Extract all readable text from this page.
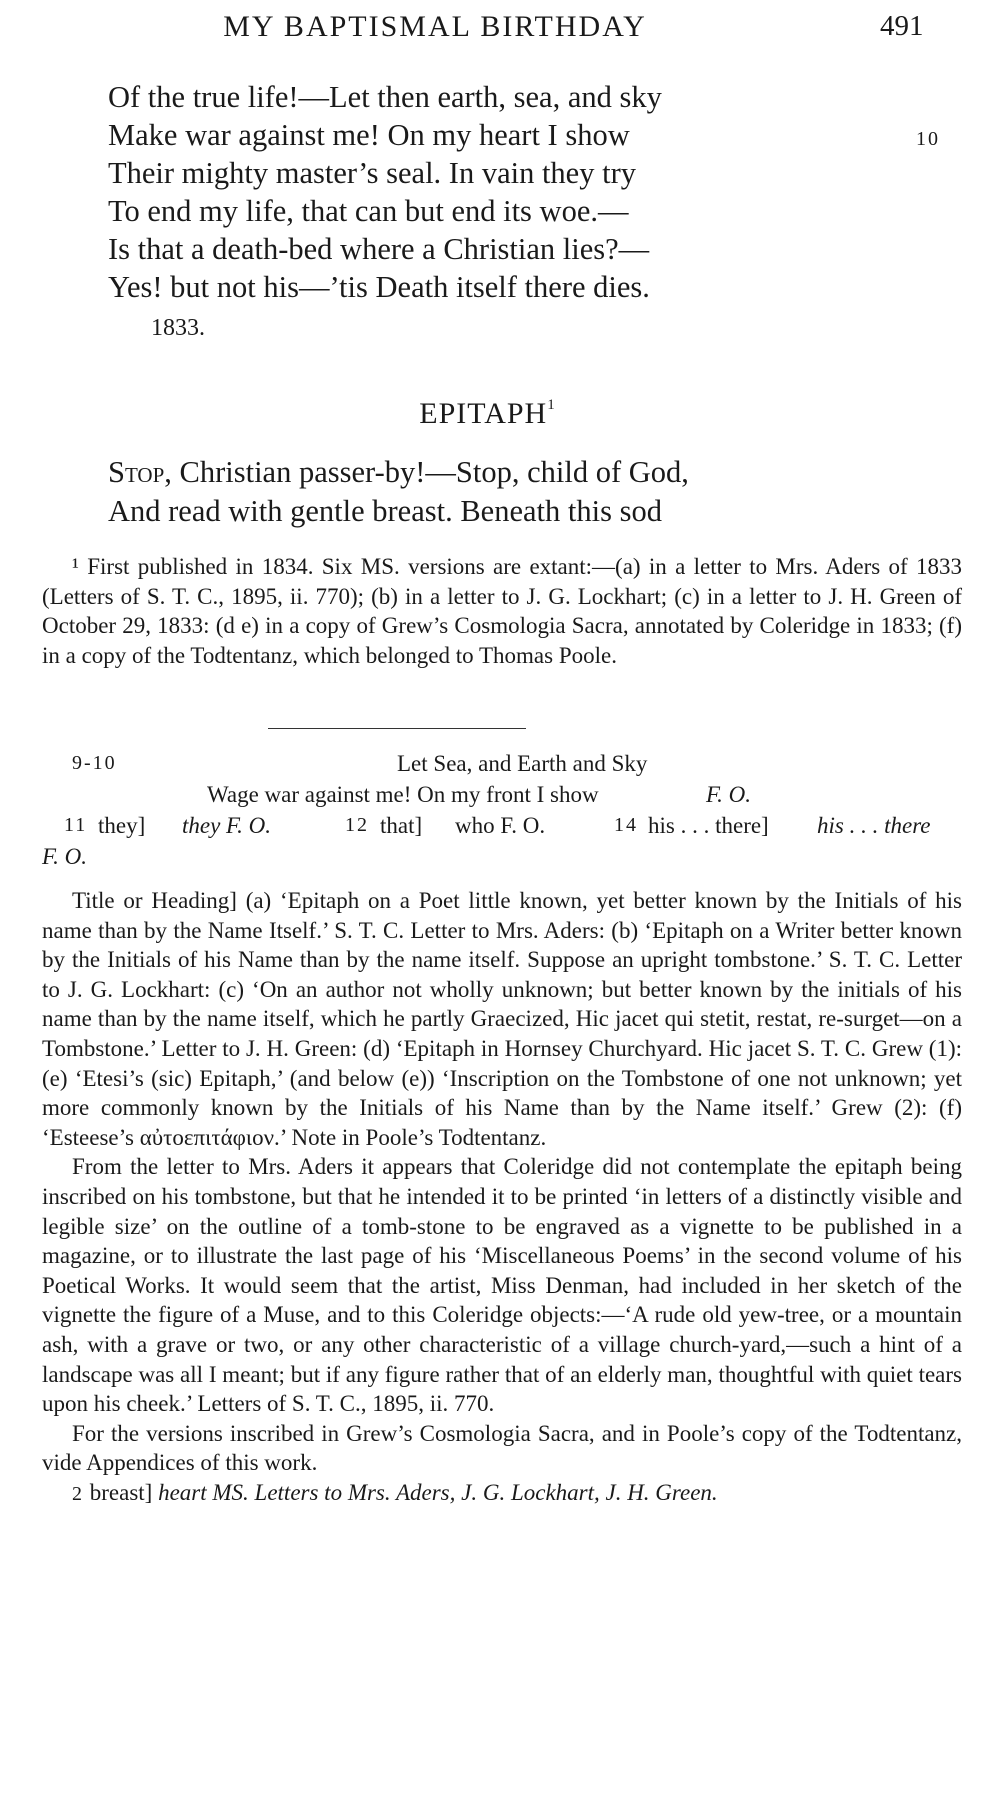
MY BAPTISMAL BIRTHDAY	491
Of the true life!—Let then earth, sea, and sky
Make war against me! On my heart I show	10
Their mighty master’s seal. In vain they try
To end my life, that can but end its woe.—
Is that a death-bed where a Christian lies?—
Yes! but not his—’tis Death itself there dies.
1833.
EPITAPH$^1$
Stop, Christian passer-by!—Stop, child of God,
And read with gentle breast. Beneath this sod

¹ First published in 1834. Six MS. versions are extant:—(a) in a letter to Mrs. Aders of 1833 (Letters of S. T. C., 1895, ii. 770); (b) in a letter to J. G. Lockhart; (c) in a letter to J. H. Green of October 29, 1833: (d e) in a copy of Grew’s Cosmologia Sacra, annotated by Coleridge in 1833; (f) in a copy of the Todtentanz, which belonged to Thomas Poole.

9-10	Let Sea, and Earth and Sky
Wage war against me! On my front I show	F. O.
11 they] they F. O.	12 that] who F. O.	14 his . . . there] his . . . there
F. O.

Title or Heading] (a) ‘Epitaph on a Poet little known, yet better known by the Initials of his name than by the Name Itself.’ S. T. C. Letter to Mrs. Aders: (b) ‘Epitaph on a Writer better known by the Initials of his Name than by the name itself. Suppose an upright tombstone.’ S. T. C. Letter to J. G. Lockhart: (c) ‘On an author not wholly unknown; but better known by the initials of his name than by the name itself, which he partly Graecized, Hic jacet qui stetit, restat, re-surget—on a Tombstone.’ Letter to J. H. Green: (d) ‘Epitaph in Hornsey Churchyard. Hic jacet S. T. C. Grew (1): (e) ‘Etesi’s (sic) Epitaph,’ (and below (e)) ‘Inscription on the Tombstone of one not unknown; yet more commonly known by the Initials of his Name than by the Name itself.’ Grew (2): (f) ‘Esteese’s αὐτοεπιτάφιον.’ Note in Poole’s Todtentanz.

From the letter to Mrs. Aders it appears that Coleridge did not contemplate the epitaph being inscribed on his tombstone, but that he intended it to be printed ‘in letters of a distinctly visible and legible size’ on the outline of a tomb-stone to be engraved as a vignette to be published in a magazine, or to illustrate the last page of his ‘Miscellaneous Poems’ in the second volume of his Poetical Works. It would seem that the artist, Miss Denman, had included in her sketch of the vignette the figure of a Muse, and to this Coleridge objects:—‘A rude old yew-tree, or a mountain ash, with a grave or two, or any other characteristic of a village church-yard,—such a hint of a landscape was all I meant; but if any figure rather that of an elderly man, thoughtful with quiet tears upon his cheek.’ Letters of S. T. C., 1895, ii. 770.

For the versions inscribed in Grew’s Cosmologia Sacra, and in Poole’s copy of the Todtentanz, vide Appendices of this work.

2 breast] heart MS. Letters to Mrs. Aders, J. G. Lockhart, J. H. Green.
